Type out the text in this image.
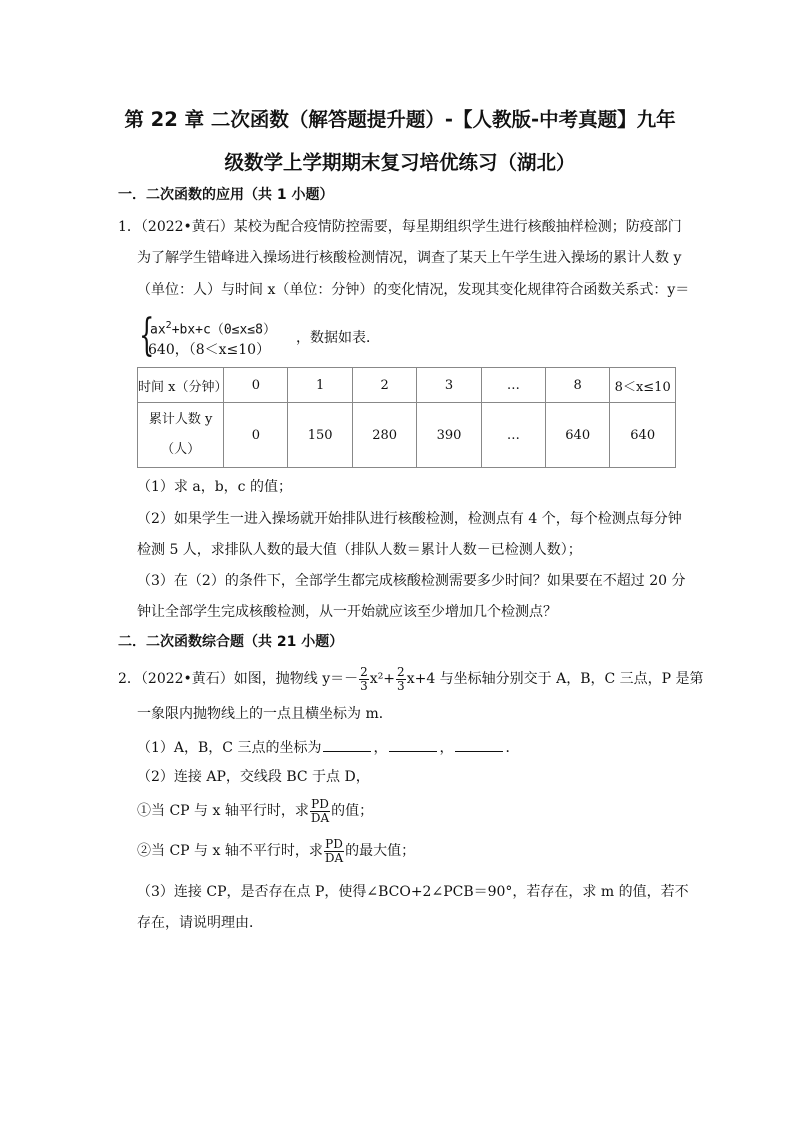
第 22 章 二次函数（解答题提升题）-【人教版-中考真题】九年
级数学上学期期末复习培优练习（湖北）
一．二次函数的应用（共 1 小题）
1．（2022•黄石）某校为配合疫情防控需要，每星期组织学生进行核酸抽样检测；防疫部门
为了解学生错峰进入操场进行核酸检测情况，调查了某天上午学生进入操场的累计人数 y
（单位：人）与时间 x（单位：分钟）的变化情况，发现其变化规律符合函数关系式：y＝
{
$ax^2+bx+c(0\le x\le 8)$
640，（8＜x≤10）
，数据如表．
时间 x（分钟）	0	1	2	3	…	8	8＜x≤10
累计人数 y
（人）	0	150	280	390	…	640	640
（1）求 a，b，c 的值；
（2）如果学生一进入操场就开始排队进行核酸检测，检测点有 4 个，每个检测点每分钟
检测 5 人，求排队人数的最大值（排队人数＝累计人数－已检测人数）；
（3）在（2）的条件下，全部学生都完成核酸检测需要多少时间？如果要在不超过 20 分
钟让全部学生完成核酸检测，从一开始就应该至少增加几个检测点？
二．二次函数综合题（共 21 小题）
2．（2022•黄石）如图，抛物线 $y=- \frac{2}{3} x^2+ \frac{2}{3} x+4$ 与坐标轴分别交于 A，B，C 三点，P 是第
一象限内抛物线上的一点且横坐标为 m．
（1）A，B，C 三点的坐标为	，	，	．
（2）连接 AP，交线段 BC 于点 D，
①当 CP 与 x 轴平行时，求 $\frac{PD}{DA}$ 的值；
②当 CP 与 x 轴不平行时，求 $\frac{PD}{DA}$ 的最大值；
（3）连接 CP，是否存在点 P，使得∠BCO+2∠PCB＝90°，若存在，求 m 的值，若不
存在，请说明理由．
